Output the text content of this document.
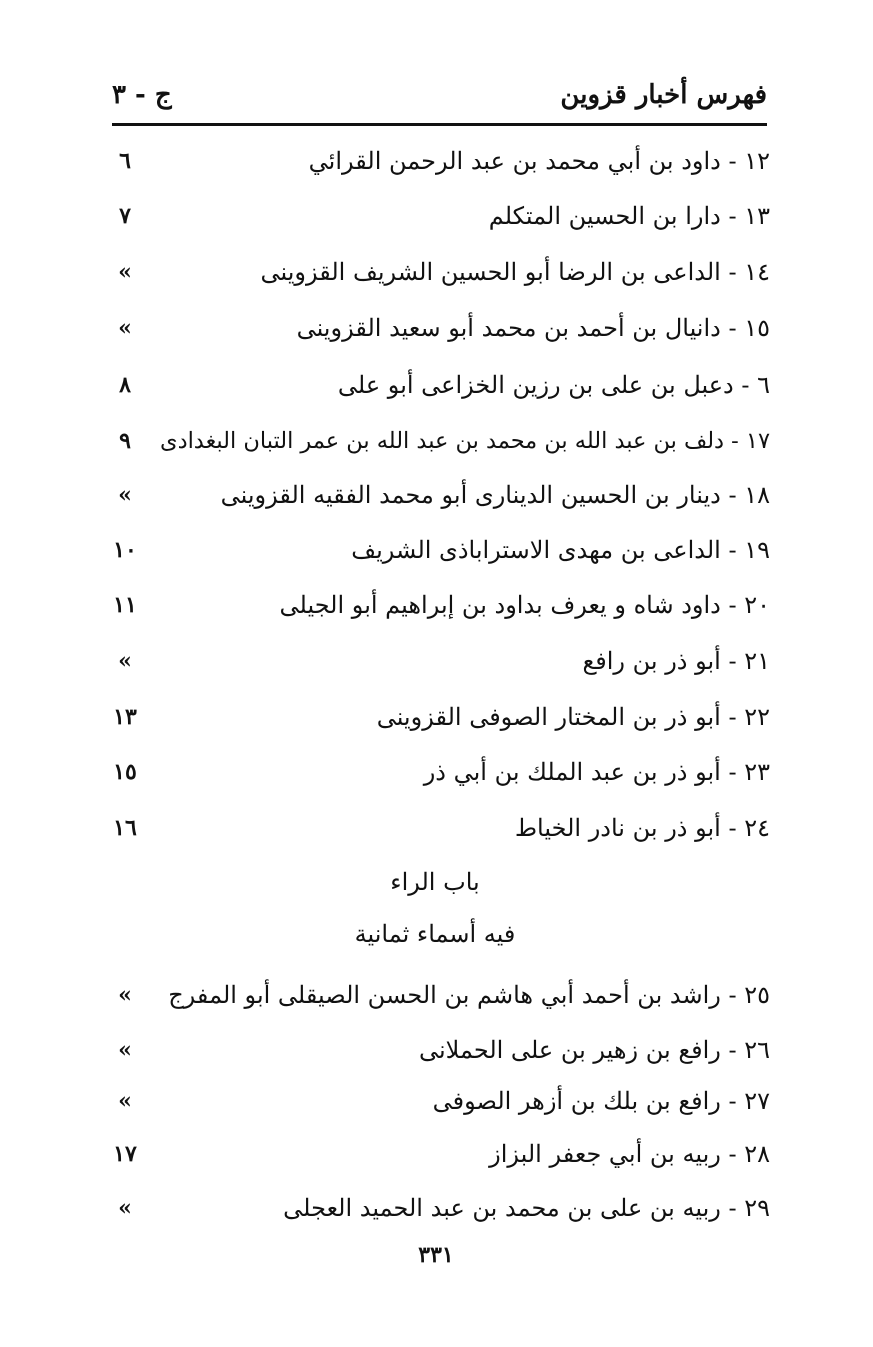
فهرس أخبار قزوين
ج - ٣
١٢ - داود بن أبي محمد بن عبد الرحمن القرائي
٦
١٣ - دارا بن الحسين المتكلم
٧
١٤ - الداعى بن الرضا أبو الحسين الشريف القزوينى
»
١٥ - دانيال بن أحمد بن محمد أبو سعيد القزوينى
»
٦ - دعبل بن على بن رزين الخزاعى أبو على
٨
١٧ - دلف بن عبد الله بن محمد بن عبد الله بن عمر التبان البغدادى
٩
١٨ - دينار بن الحسين الدينارى أبو محمد الفقيه القزوينى
»
١٩ - الداعى بن مهدى الاستراباذى الشريف
١٠
٢٠ - داود شاه و يعرف بداود بن إبراهيم أبو الجيلى
١١
٢١ - أبو ذر بن رافع
»
٢٢ - أبو ذر بن المختار الصوفى القزوينى
١٣
٢٣ - أبو ذر بن عبد الملك بن أبي ذر
١٥
٢٤ - أبو ذر بن نادر الخياط
١٦
باب الراء
فيه أسماء ثمانية
٢٥ - راشد بن أحمد أبي هاشم بن الحسن الصيقلى أبو المفرج
»
٢٦ - رافع بن زهير بن على الحملانى
»
٢٧ - رافع بن بلك بن أزهر الصوفى
»
٢٨ - ربيه بن أبي جعفر البزاز
١٧
٢٩ - ربيه بن على بن محمد بن عبد الحميد العجلى
»
٣٣١
